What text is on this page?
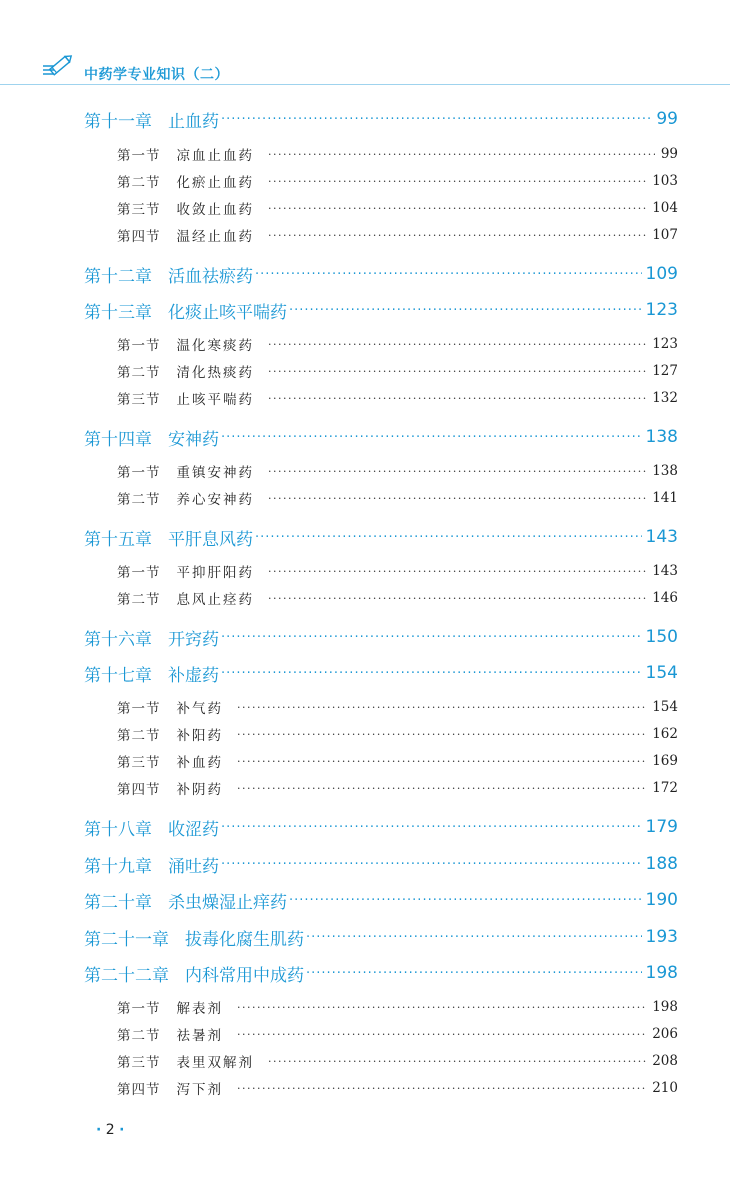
中药学专业知识（二）
第十一章 止血药 ·····	99
第一节 凉血止血药 ·····	99
第二节 化瘀止血药 ·····	103
第三节 收敛止血药 ·····	104
第四节 温经止血药 ·····	107
第十二章 活血祛瘀药 ·····	109
第十三章 化痰止咳平喘药 ·····	123
第一节 温化寒痰药 ·····	123
第二节 清化热痰药 ·····	127
第三节 止咳平喘药 ·····	132
第十四章 安神药 ·····	138
第一节 重镇安神药 ·····	138
第二节 养心安神药 ·····	141
第十五章 平肝息风药 ·····	143
第一节 平抑肝阳药 ·····	143
第二节 息风止痉药 ·····	146
第十六章 开窍药 ·····	150
第十七章 补虚药 ·····	154
第一节 补气药 ·····	154
第二节 补阳药 ·····	162
第三节 补血药 ·····	169
第四节 补阴药 ·····	172
第十八章 收涩药 ·····	179
第十九章 涌吐药 ·····	188
第二十章 杀虫燥湿止痒药 ·····	190
第二十一章 拔毒化腐生肌药 ·····	193
第二十二章 内科常用中成药 ·····	198
第一节 解表剂 ·····	198
第二节 祛暑剂 ·····	206
第三节 表里双解剂 ·····	208
第四节 泻下剂 ·····	210
· 2 ·
